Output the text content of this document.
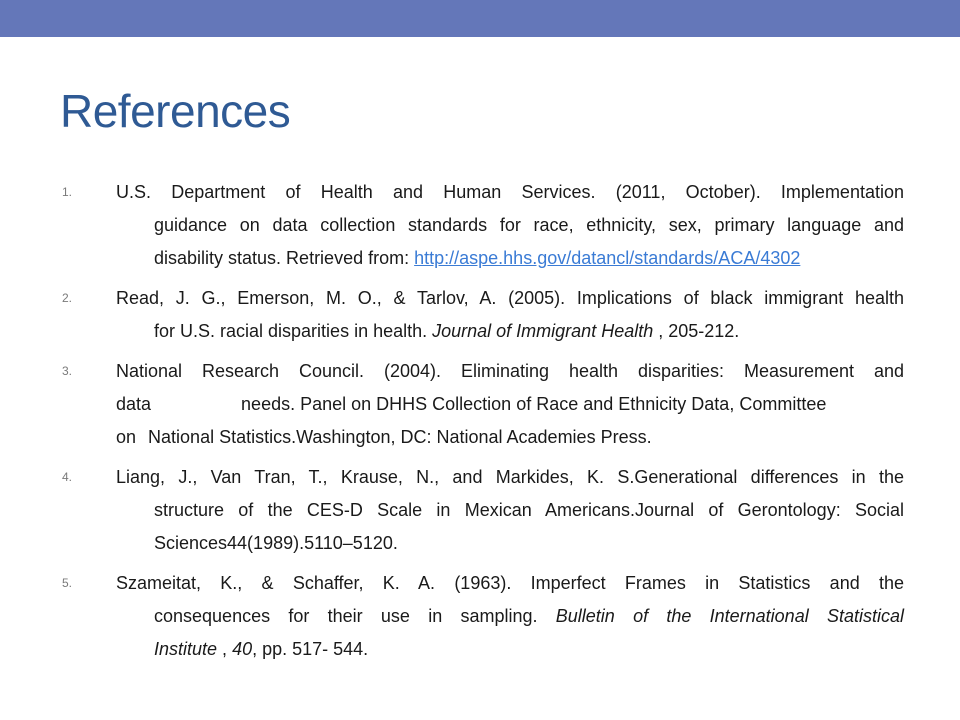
References
1. U.S. Department of Health and Human Services. (2011, October). Implementation
guidance on data collection standards for race, ethnicity, sex, primary language and
disability status. Retrieved from: http://aspe.hhs.gov/datancl/standards/ACA/4302
2. Read, J. G., Emerson, M. O., & Tarlov, A. (2005). Implications of black immigrant health
for U.S. racial disparities in health. Journal of Immigrant Health , 205-212.
3. National Research Council. (2004). Eliminating health disparities: Measurement and
data	needs. Panel on DHHS Collection of Race and Ethnicity Data, Committee
on National Statistics.Washington, DC: National Academies Press.
4. Liang, J., Van Tran, T., Krause, N., and Markides, K. S.Generational differences in the
structure of the CES-D Scale in Mexican Americans.Journal of Gerontology: Social
Sciences44(1989).5110–5120.
5. Szameitat, K., & Schaffer, K. A. (1963). Imperfect Frames in Statistics and the
consequences for their use in sampling. Bulletin of the International Statistical
Institute , 40, pp. 517- 544.
